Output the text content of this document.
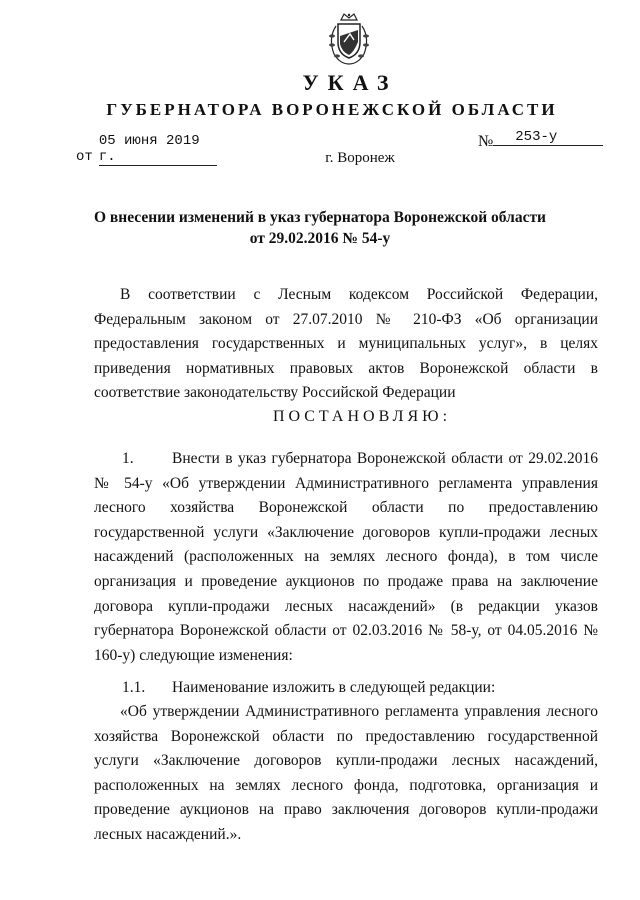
УКАЗ
ГУБЕРНАТОРА ВОРОНЕЖСКОЙ ОБЛАСТИ
от05 июня 2019 г.
№ 253-у
г. Воронеж
О внесении изменений в указ губернатора Воронежской области
от 29.02.2016 № 54-у

В соответствии с Лесным кодексом Российской Федерации, Федеральным законом от 27.07.2010 № 210-ФЗ «Об организации предоставления государственных и муниципальных услуг», в целях приведения нормативных правовых актов Воронежской области в соответствие законодательству Российской Федерации

ПОСТАНОВЛЯЮ:

1. Внести в указ губернатора Воронежской области от 29.02.2016 № 54-у «Об утверждении Административного регламента управления лесного хозяйства Воронежской области по предоставлению государственной услуги «Заключение договоров купли-продажи лесных насаждений (расположенных на землях лесного фонда), в том числе организация и проведение аукционов по продаже права на заключение договора купли-продажи лесных насаждений» (в редакции указов губернатора Воронежской области от 02.03.2016 № 58-у, от 04.05.2016 № 160-у) следующие изменения:

1.1. Наименование изложить в следующей редакции:

«Об утверждении Административного регламента управления лесного хозяйства Воронежской области по предоставлению государственной услуги «Заключение договоров купли-продажи лесных насаждений, расположенных на землях лесного фонда, подготовка, организация и проведение аукционов на право заключения договоров купли-продажи лесных насаждений.».
